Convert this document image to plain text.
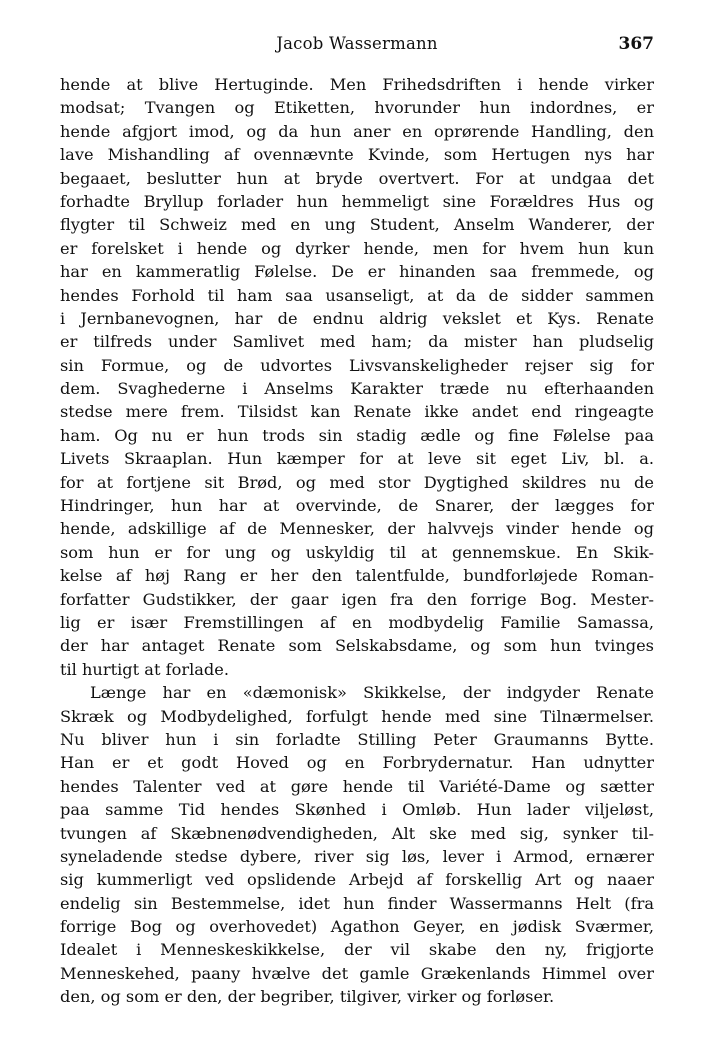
Jacob Wassermann	367
hende at blive Hertuginde. Men Frihedsdriften i hende virker
modsat; Tvangen og Etiketten, hvorunder hun indordnes, er
hende afgjort imod, og da hun aner en oprørende Handling, den
lave Mishandling af ovennævnte Kvinde, som Hertugen nys har
begaaet, beslutter hun at bryde overtvert. For at undgaa det
forhadte Bryllup forlader hun hemmeligt sine Forældres Hus og
flygter til Schweiz med en ung Student, Anselm Wanderer, der
er forelsket i hende og dyrker hende, men for hvem hun kun
har en kammeratlig Følelse. De er hinanden saa fremmede, og
hendes Forhold til ham saa usanseligt, at da de sidder sammen
i Jernbanevognen, har de endnu aldrig vekslet et Kys. Renate
er tilfreds under Samlivet med ham; da mister han pludselig
sin Formue, og de udvortes Livsvanskeligheder rejser sig for
dem. Svaghederne i Anselms Karakter træde nu efterhaanden
stedse mere frem. Tilsidst kan Renate ikke andet end ringeagte
ham. Og nu er hun trods sin stadig ædle og fine Følelse paa
Livets Skraaplan. Hun kæmper for at leve sit eget Liv, bl. a.
for at fortjene sit Brød, og med stor Dygtighed skildres nu de
Hindringer, hun har at overvinde, de Snarer, der lægges for
hende, adskillige af de Mennesker, der halvvejs vinder hende og
som hun er for ung og uskyldig til at gennemskue. En Skik-
kelse af høj Rang er her den talentfulde, bundforløjede Roman-
forfatter Gudstikker, der gaar igen fra den forrige Bog. Mester-
lig er især Fremstillingen af en modbydelig Familie Samassa,
der har antaget Renate som Selskabsdame, og som hun tvinges
til hurtigt at forlade.
Længe har en «dæmonisk» Skikkelse, der indgyder Renate
Skræk og Modbydelighed, forfulgt hende med sine Tilnærmelser.
Nu bliver hun i sin forladte Stilling Peter Graumanns Bytte.
Han er et godt Hoved og en Forbrydernatur. Han udnytter
hendes Talenter ved at gøre hende til Variété-Dame og sætter
paa samme Tid hendes Skønhed i Omløb. Hun lader viljeløst,
tvungen af Skæbnenødvendigheden, Alt ske med sig, synker til-
syneladende stedse dybere, river sig løs, lever i Armod, ernærer
sig kummerligt ved opslidende Arbejd af forskellig Art og naaer
endelig sin Bestemmelse, idet hun finder Wassermanns Helt (fra
forrige Bog og overhovedet) Agathon Geyer, en jødisk Sværmer,
Idealet i Menneskeskikkelse, der vil skabe den ny, frigjorte
Menneskehed, paany hvælve det gamle Grækenlands Himmel over
den, og som er den, der begriber, tilgiver, virker og forløser.
